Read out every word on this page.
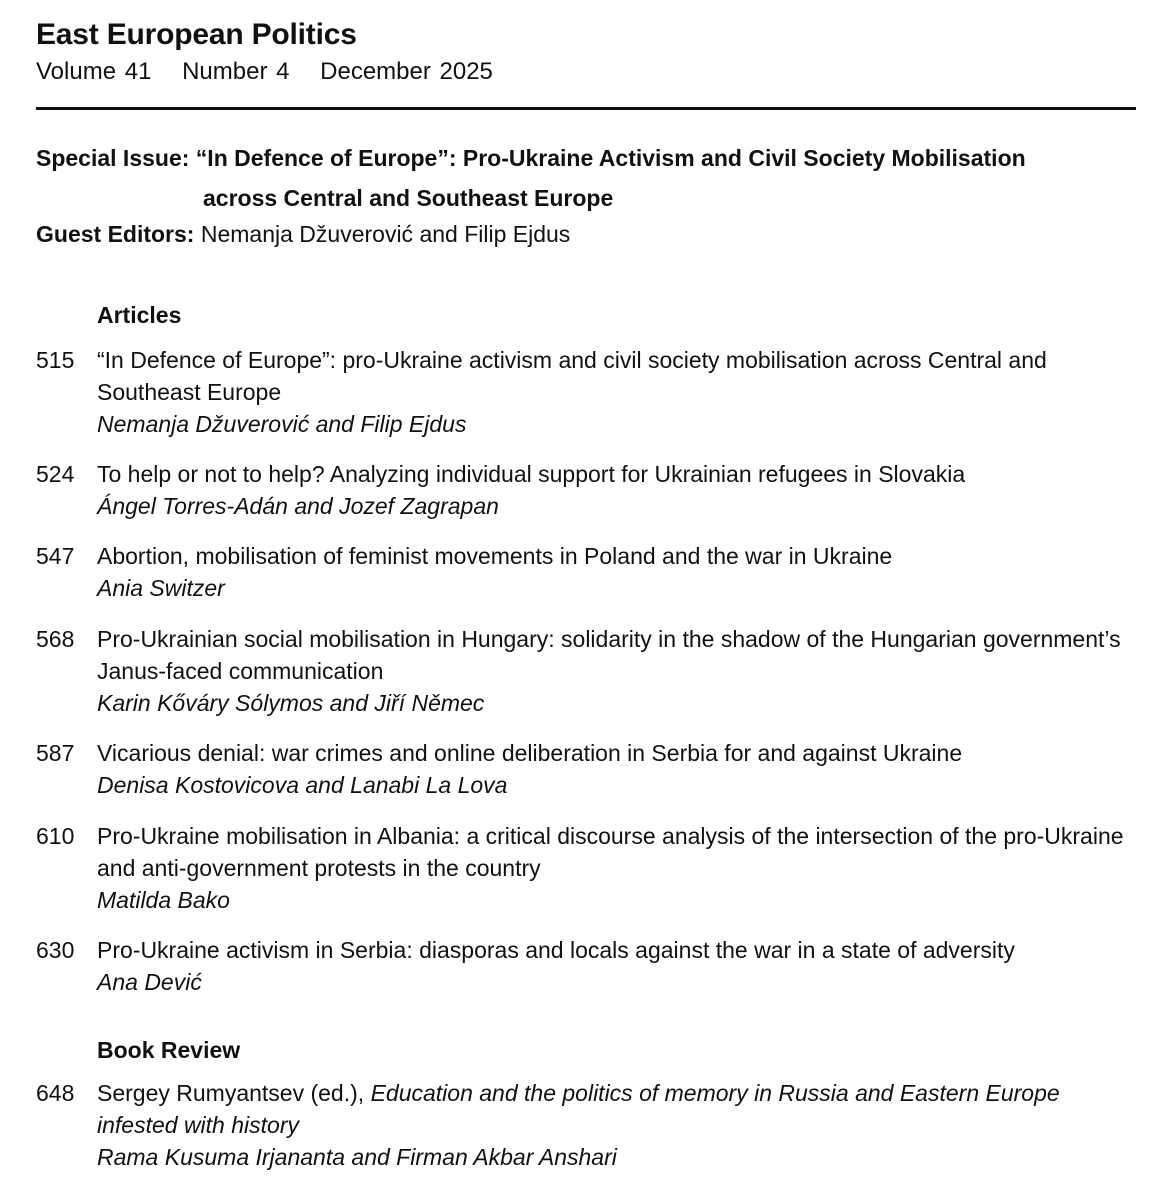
East European Politics
Volume 41 Number 4 December 2025
Special Issue: “In Defence of Europe”: Pro-Ukraine Activism and Civil Society Mobilisation
across Central and Southeast Europe
Guest Editors: Nemanja Džuverović and Filip Ejdus
Articles
515 “In Defence of Europe”: pro-Ukraine activism and civil society mobilisation across Central and Southeast Europe
Nemanja Džuverović and Filip Ejdus
524 To help or not to help? Analyzing individual support for Ukrainian refugees in Slovakia
Ángel Torres-Adán and Jozef Zagrapan
547 Abortion, mobilisation of feminist movements in Poland and the war in Ukraine
Ania Switzer
568 Pro-Ukrainian social mobilisation in Hungary: solidarity in the shadow of the Hungarian government’s Janus-faced communication
Karin Kőváry Sólymos and Jiří Němec
587 Vicarious denial: war crimes and online deliberation in Serbia for and against Ukraine
Denisa Kostovicova and Lanabi La Lova
610 Pro-Ukraine mobilisation in Albania: a critical discourse analysis of the intersection of the pro-Ukraine and anti-government protests in the country
Matilda Bako
630 Pro-Ukraine activism in Serbia: diasporas and locals against the war in a state of adversity
Ana Dević
Book Review
648 Sergey Rumyantsev (ed.), Education and the politics of memory in Russia and Eastern Europe infested with history
Rama Kusuma Irjananta and Firman Akbar Anshari
